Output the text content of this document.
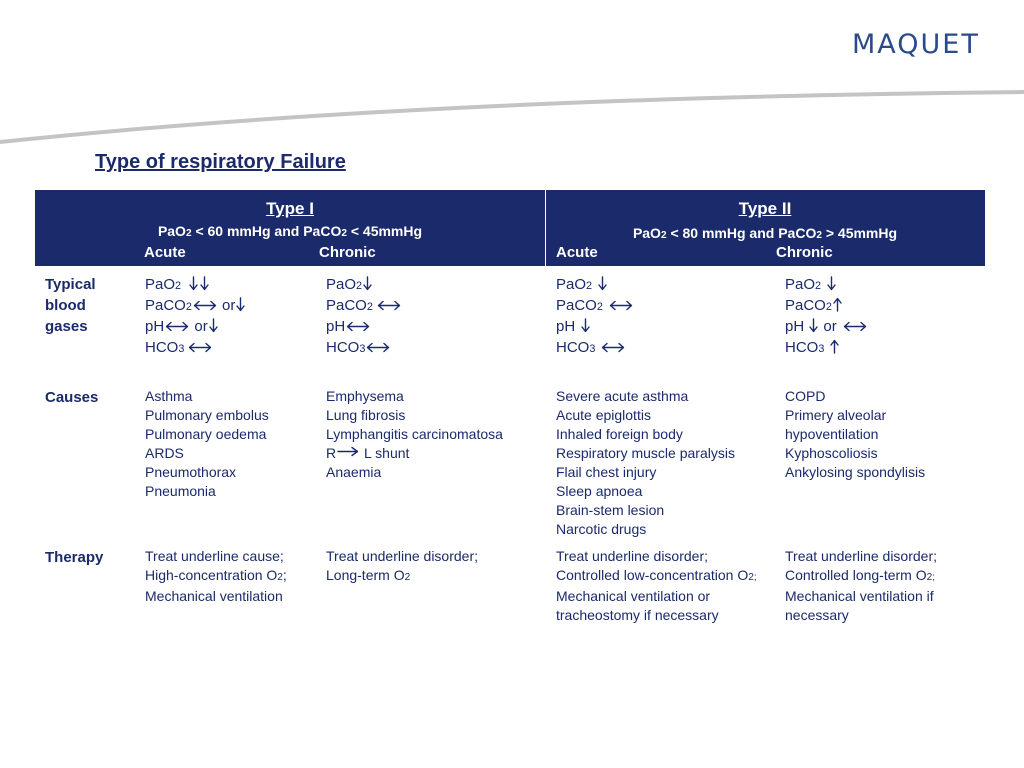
MAQUET
Type of respiratory Failure
Type I
PaO2 < 60 mmHg and PaCO2 < 45mmHg
Acute	Chronic
Type II
PaO2 < 80 mmHg and PaCO2 > 45mmHg
Acute	Chronic

Typical
blood
gases

Causes

Therapy

PaO2
PaCO2 or
pH or
HCO3
PaO2
PaCO2
pH
HCO3
PaO2
PaCO2
pH
HCO3
PaO2
PaCO2
pH or
HCO3
Asthma
Pulmonary embolus
Pulmonary oedema
ARDS
Pneumothorax
Pneumonia
Emphysema
Lung fibrosis
Lymphangitis carcinomatosa
R L shunt
Anaemia
Severe acute asthma
Acute epiglottis
Inhaled foreign body
Respiratory muscle paralysis
Flail chest injury
Sleep apnoea
Brain-stem lesion
Narcotic drugs
COPD
Primery alveolar
hypoventilation
Kyphoscoliosis
Ankylosing spondylisis
Treat underline cause;
High-concentration O2;
Mechanical ventilation
Treat underline disorder;
Long-term O2
Treat underline disorder;
Controlled low-concentration O2;
Mechanical ventilation or tracheostomy if necessary
Treat underline disorder;
Controlled long-term O2;
Mechanical ventilation if necessary
